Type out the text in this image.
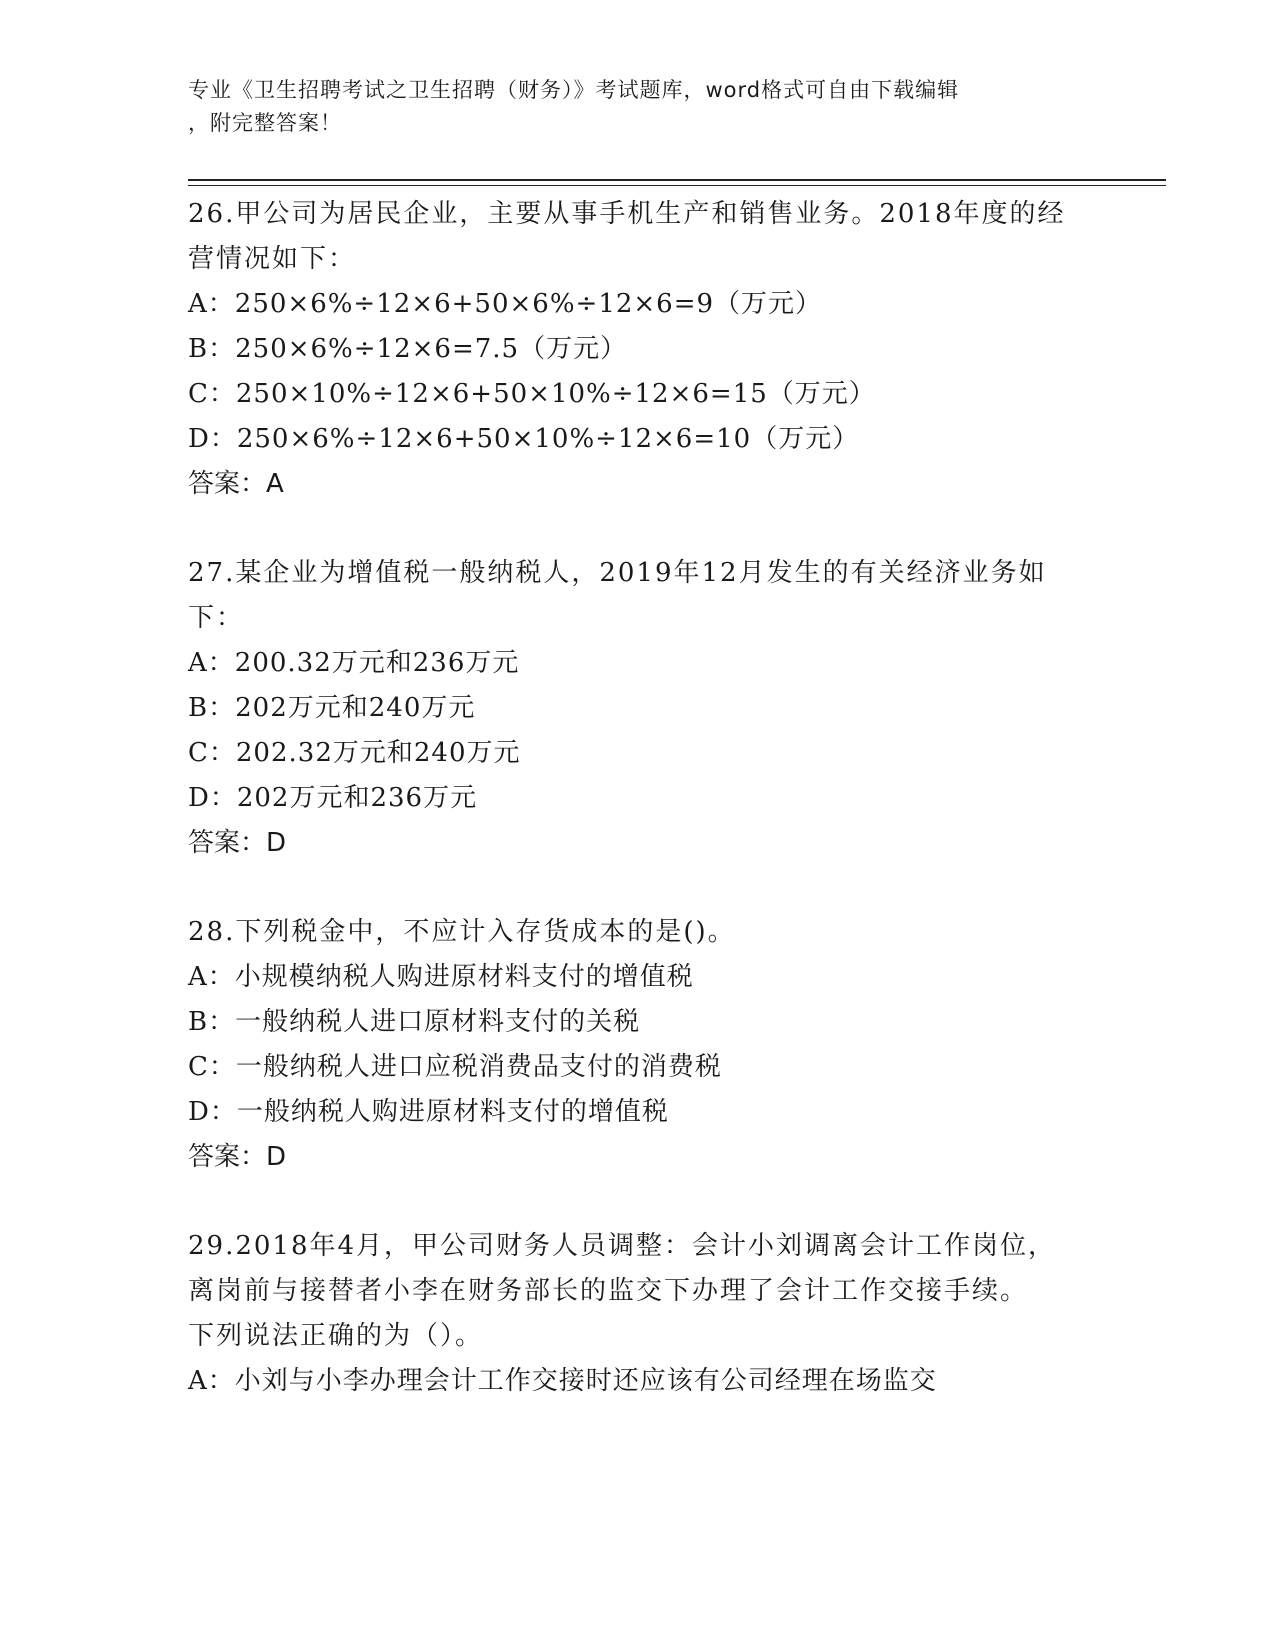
专业《卫生招聘考试之卫生招聘（财务）》考试题库，word格式可自由下载编辑
，附完整答案！

26.甲公司为居民企业，主要从事手机生产和销售业务。2018年度的经

营情况如下：

A：250×6%÷12×6+50×6%÷12×6=9（万元）

B：250×6%÷12×6=7.5（万元）

C：250×10%÷12×6+50×10%÷12×6=15（万元）

D：250×6%÷12×6+50×10%÷12×6=10（万元）

答案：A

27.某企业为增值税一般纳税人，2019年12月发生的有关经济业务如

下：

A：200.32万元和236万元

B：202万元和240万元

C：202.32万元和240万元

D：202万元和236万元

答案：D

28.下列税金中，不应计入存货成本的是()。

A：小规模纳税人购进原材料支付的增值税

B：一般纳税人进口原材料支付的关税

C：一般纳税人进口应税消费品支付的消费税

D：一般纳税人购进原材料支付的增值税

答案：D

29.2018年4月，甲公司财务人员调整：会计小刘调离会计工作岗位，

离岗前与接替者小李在财务部长的监交下办理了会计工作交接手续。

下列说法正确的为（）。

A：小刘与小李办理会计工作交接时还应该有公司经理在场监交
